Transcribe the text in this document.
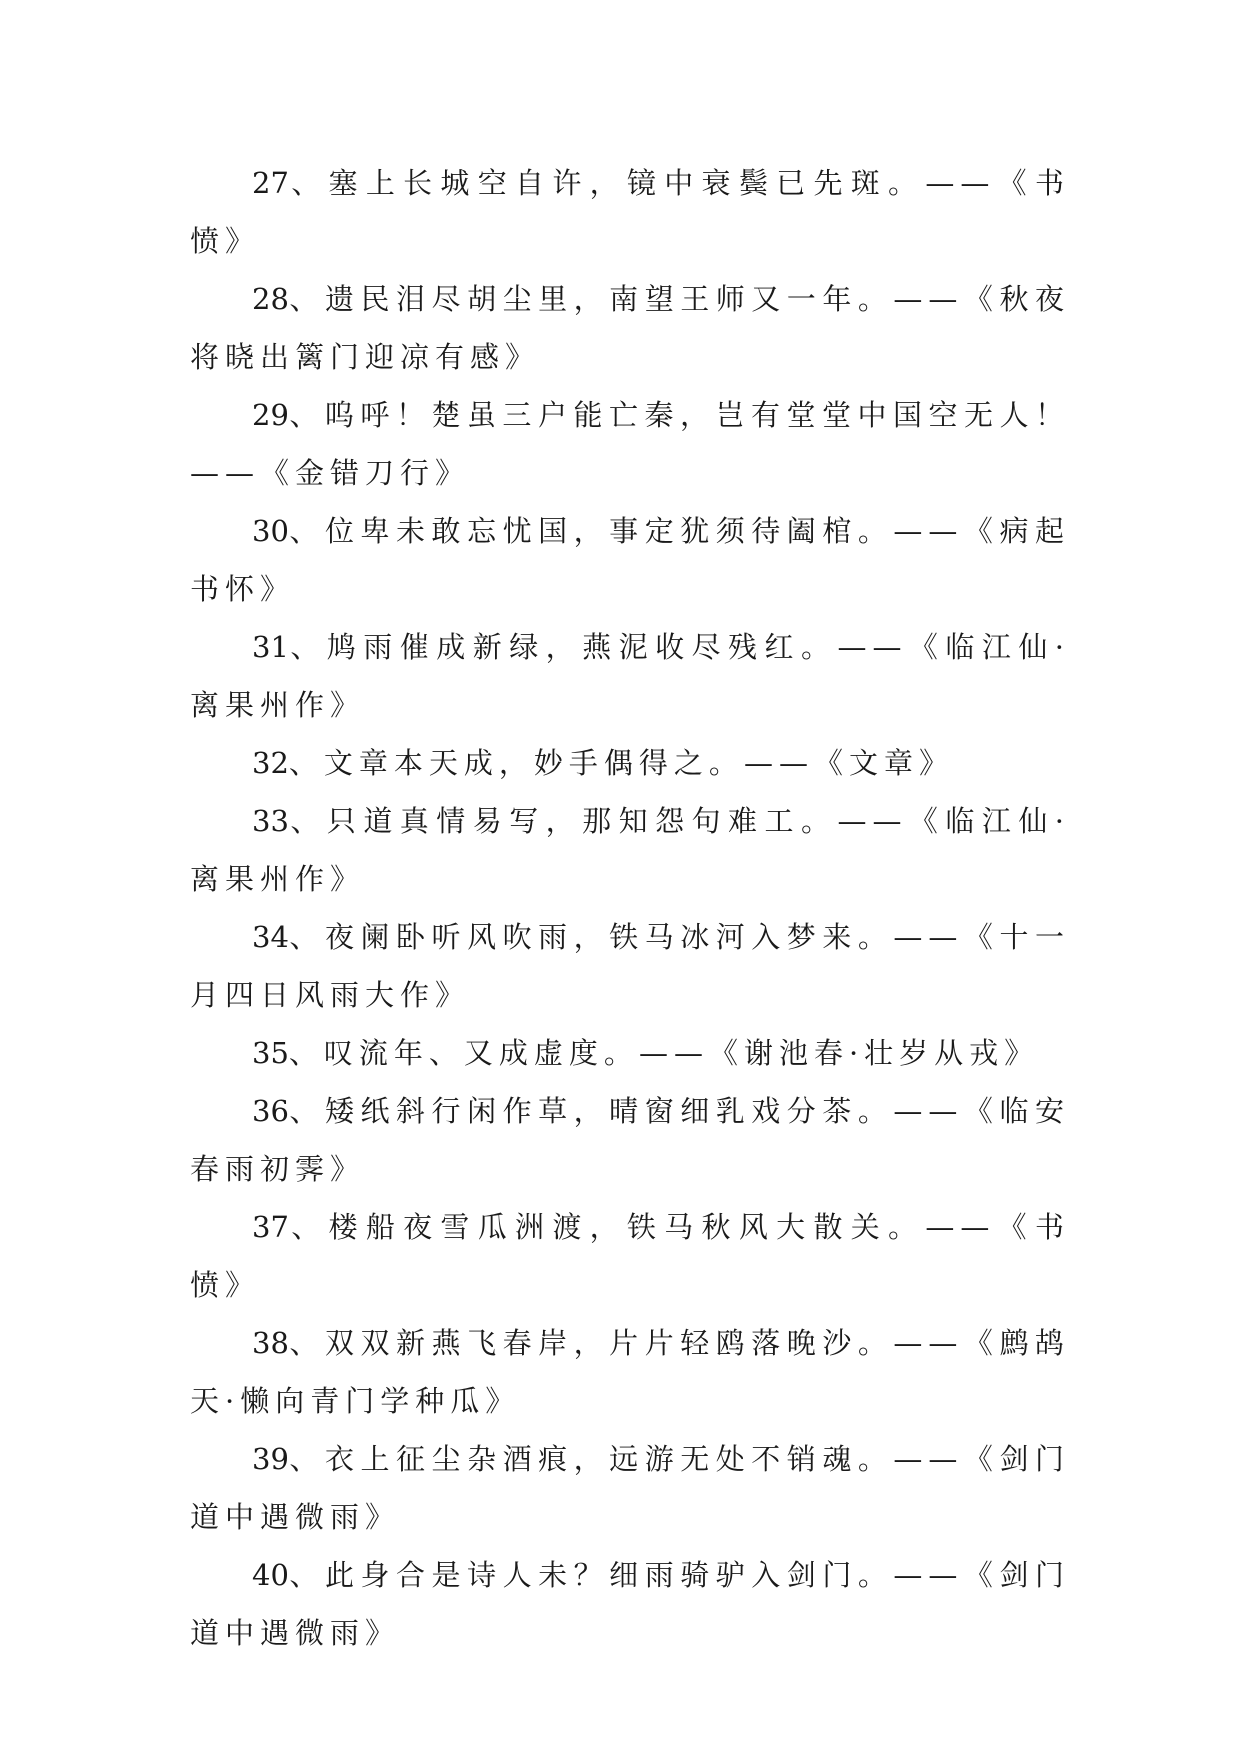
27、塞上长城空自许，镜中衰鬓已先斑。——《书愤》

28、遗民泪尽胡尘里，南望王师又一年。——《秋夜将晓出篱门迎凉有感》

29、呜呼！楚虽三户能亡秦，岂有堂堂中国空无人！——《金错刀行》

30、位卑未敢忘忧国，事定犹须待阖棺。——《病起书怀》

31、鸠雨催成新绿，燕泥收尽残红。——《临江仙·离果州作》

32、文章本天成，妙手偶得之。——《文章》

33、只道真情易写，那知怨句难工。——《临江仙·离果州作》

34、夜阑卧听风吹雨，铁马冰河入梦来。——《十一月四日风雨大作》

35、叹流年、又成虚度。——《谢池春·壮岁从戎》

36、矮纸斜行闲作草，晴窗细乳戏分茶。——《临安春雨初霁》

37、楼船夜雪瓜洲渡，铁马秋风大散关。——《书愤》

38、双双新燕飞春岸，片片轻鸥落晚沙。——《鹧鸪天·懒向青门学种瓜》

39、衣上征尘杂酒痕，远游无处不销魂。——《剑门道中遇微雨》

40、此身合是诗人未？细雨骑驴入剑门。——《剑门道中遇微雨》
